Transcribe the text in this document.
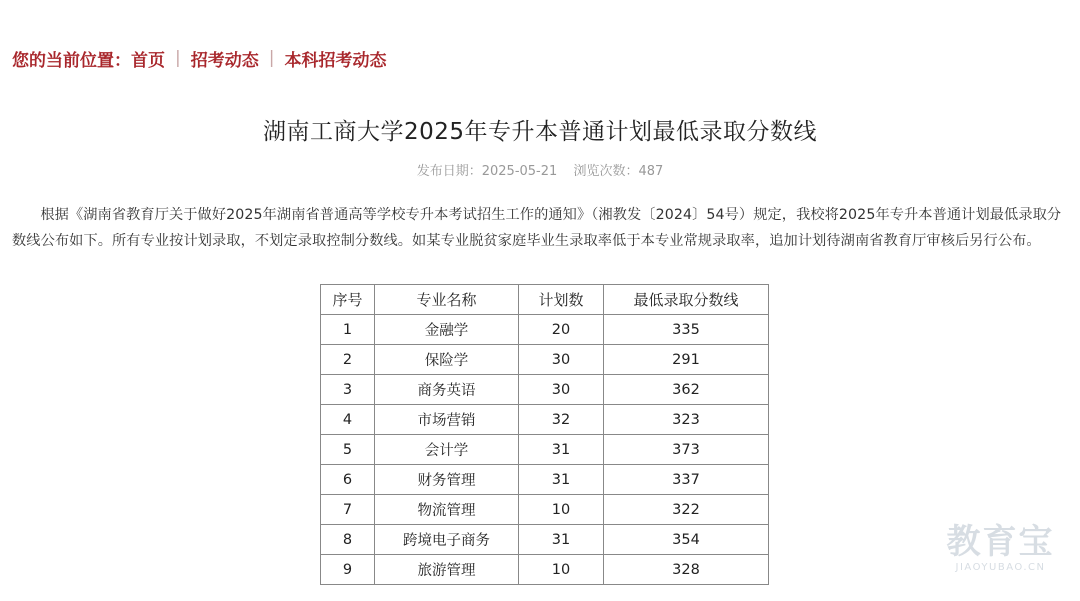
您的当前位置： 首页 | 招考动态 | 本科招考动态
湖南工商大学2025年专升本普通计划最低录取分数线
发布日期：2025-05-21 浏览次数：487
根据《湖南省教育厅关于做好2025年湖南省普通高等学校专升本考试招生工作的通知》（湘教发〔2024〕54号）规定，我校将2025年专升本普通计划最低录取分数线公布如下。所有专业按计划录取，不划定录取控制分数线。如某专业脱贫家庭毕业生录取率低于本专业常规录取率，追加计划待湖南省教育厅审核后另行公布。
序号	专业名称	计划数	最低录取分数线
1	金融学	20	335
2	保险学	30	291
3	商务英语	30	362
4	市场营销	32	323
5	会计学	31	373
6	财务管理	31	337
7	物流管理	10	322
8	跨境电子商务	31	354
9	旅游管理	10	328
教育宝
JIAOYUBAO.CN
